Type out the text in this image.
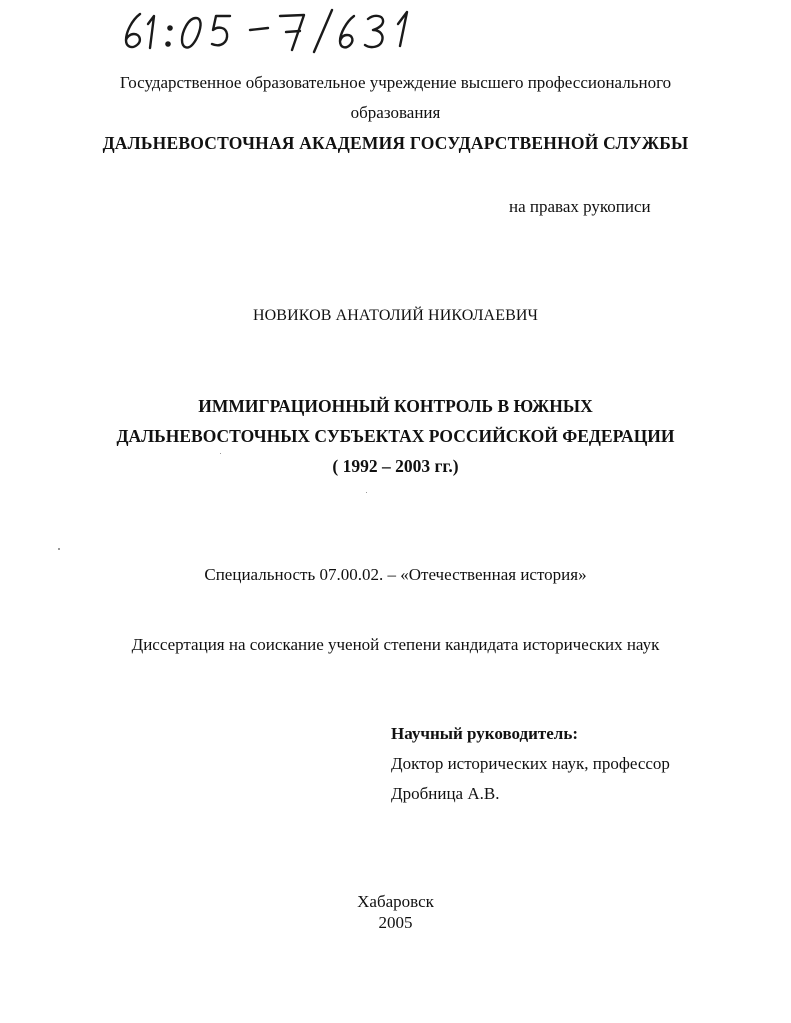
Государственное образовательное учреждение высшего профессионального
образования
ДАЛЬНЕВОСТОЧНАЯ АКАДЕМИЯ ГОСУДАРСТВЕННОЙ СЛУЖБЫ
на правах рукописи
НОВИКОВ АНАТОЛИЙ НИКОЛАЕВИЧ
ИММИГРАЦИОННЫЙ КОНТРОЛЬ В ЮЖНЫХ
ДАЛЬНЕВОСТОЧНЫХ СУБЪЕКТАХ РОССИЙСКОЙ ФЕДЕРАЦИИ
( 1992 – 2003 гг.)
Специальность 07.00.02. – «Отечественная история»
Диссертация на соискание ученой степени кандидата исторических наук
Научный руководитель:
Доктор исторических наук, профессор
Дробница А.В.
Хабаровск
2005
